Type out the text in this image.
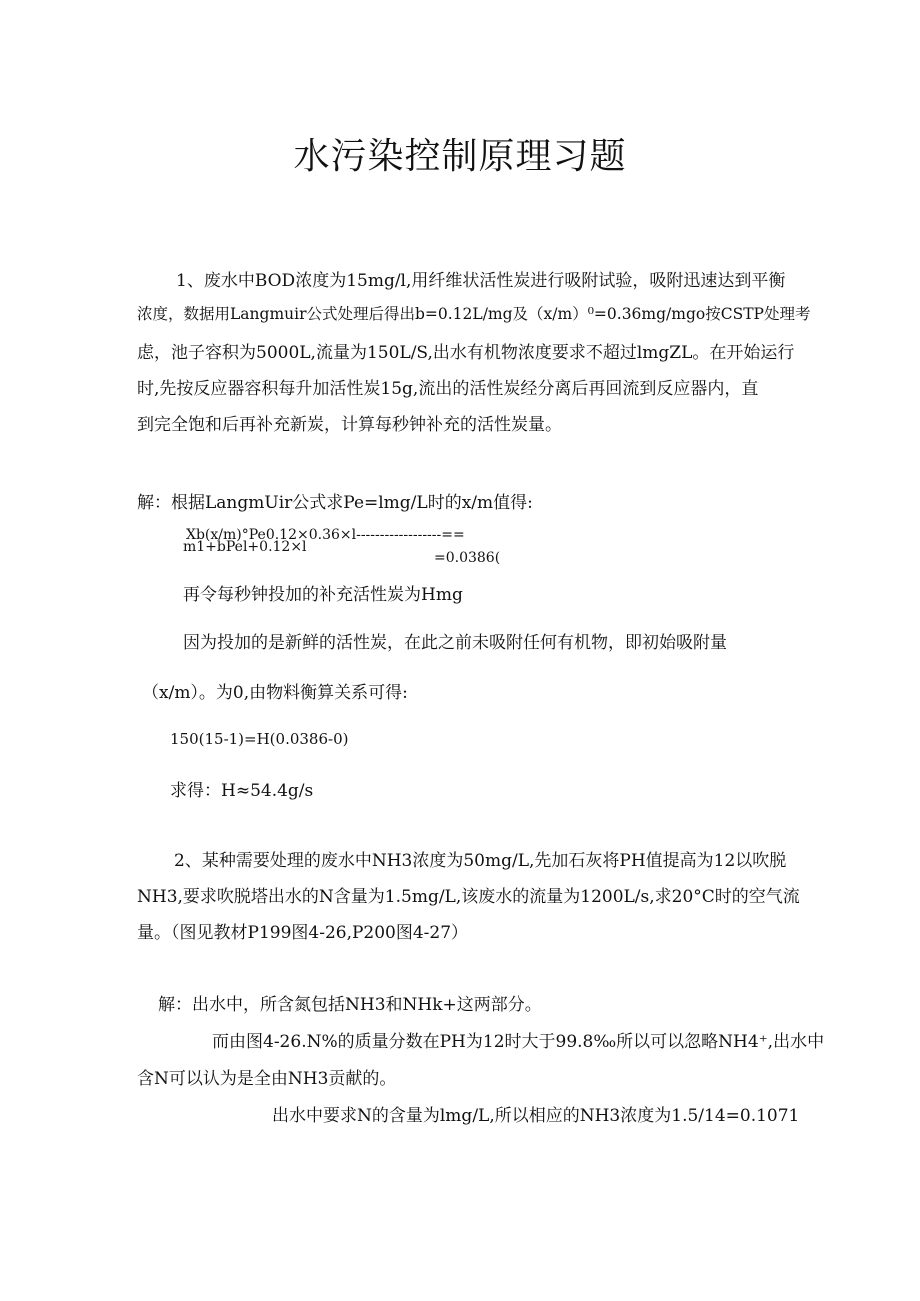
水污染控制原理习题
1、废水中BOD浓度为15mg/l,用纤维状活性炭进行吸附试验，吸附迅速达到平衡
浓度，数据用Langmuir公式处理后得出b=0.12L/mg及（x/m）⁰=0.36mg/mgo按CSTP处理考
虑，池子容积为5000L,流量为150L/S,出水有机物浓度要求不超过lmgZL。在开始运行
时,先按反应器容积每升加活性炭15g,流出的活性炭经分离后再回流到反应器内，直
到完全饱和后再补充新炭，计算每秒钟补充的活性炭量。
解：根据LangmUir公式求Pe=lmg/L时的x/m值得:
Xb(x/m)°Pe0.12×0.36×l------------------==
m1+bPel+0.12×l
=0.0386(
再令每秒钟投加的补充活性炭为Hmg
因为投加的是新鲜的活性炭，在此之前未吸附任何有机物，即初始吸附量
（x/m）。为0,由物料衡算关系可得:
150(15-1)=H(0.0386-0)
求得：H≈54.4g/s
2、某种需要处理的废水中NH3浓度为50mg/L,先加石灰将PH值提高为12以吹脱
NH3,要求吹脱塔出水的N含量为1.5mg/L,该废水的流量为1200L/s,求20°C时的空气流
量。（图见教材P199图4-26,P200图4-27）
解：出水中，所含氮包括NH3和NHk+这两部分。
而由图4-26.N%的质量分数在PH为12时大于99.8‰所以可以忽略NH4⁺,出水中
含N可以认为是全由NH3贡献的。
出水中要求N的含量为lmg/L,所以相应的NH3浓度为1.5/14=0.1071
